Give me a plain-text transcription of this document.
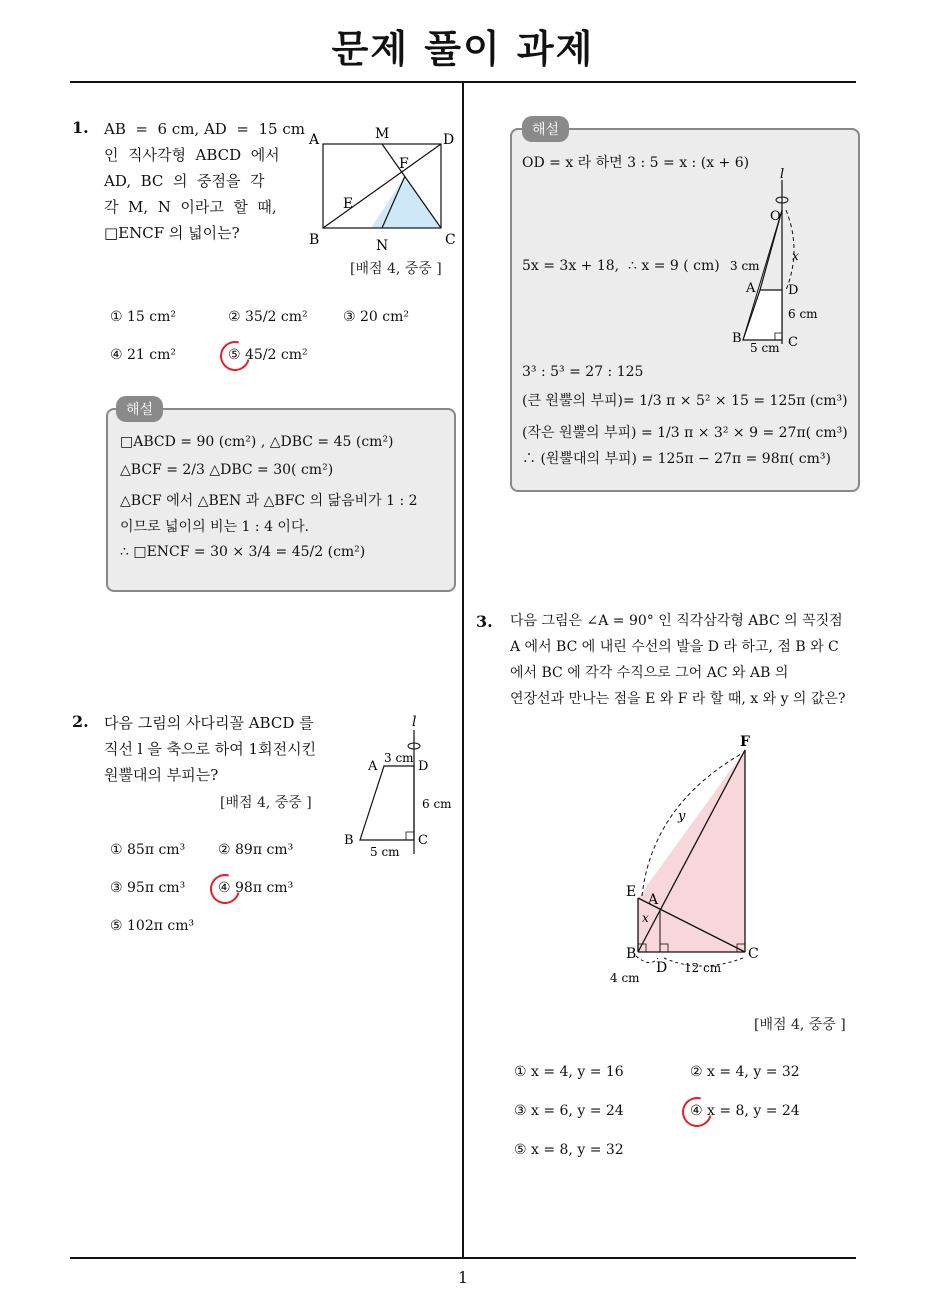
문제 풀이 과제
1. AB  =  6 cm, AD  =  15 cm
인  직사각형  ABCD  에서
AD,  BC  의  중점을  각
각  M,  N  이라고  할  때,
□ENCF 의 넓이는?
A	M	D
F
E
B	N	C
[배점 4, 중중 ]
① 15 cm²	② 35/2 cm²	③ 20 cm²
④ 21 cm²	⑤ 45/2 cm²
해설
□ABCD = 90 (cm²) , △DBC = 45 (cm²)
△BCF = 2/3 △DBC = 30( cm²)
△BCF 에서 △BEN 과 △BFC 의 닮음비가 1 : 2
이므로 넓이의 비는 1 : 4 이다.
∴ □ENCF = 30 × 3/4 = 45/2 (cm²)
2. 다음 그림의 사다리꼴 ABCD 를
직선 l 을 축으로 하여 1회전시킨
원뿔대의 부피는?
[배점 4, 중중 ]
l
A
3 cm
D
6 cm
B	C
5 cm
① 85π cm³ ② 89π cm³
③ 95π cm³ ④ 98π cm³
⑤ 102π cm³
해설
OD = x 라 하면 3 : 5 = x : (x + 6)
5x = 3x + 18,  ∴ x = 9 ( cm)
l
O
x
3 cm
A	D
6 cm
B
5 cm C
3³ : 5³ = 27 : 125
(큰 원뿔의 부피)= 1/3 π × 5² × 15 = 125π (cm³)
(작은 원뿔의 부피) = 1/3 π × 3² × 9 = 27π( cm³)
∴ (원뿔대의 부피) = 125π − 27π = 98π( cm³)
3. 다음 그림은 ∠A = 90° 인 직각삼각형 ABC 의 꼭짓점
A 에서 BC 에 내린 수선의 발을 D 라 하고, 점 B 와 C
에서 BC 에 각각 수직으로 그어 AC 와 AB 의
연장선과 만나는 점을 E 와 F 라 할 때, x 와 y 의 값은?
F
y
E A
x
B
D
C
4 cm
12 cm
[배점 4, 중중 ]
① x = 4, y = 16	② x = 4, y = 32
③ x = 6, y = 24	④ x = 8, y = 24
⑤ x = 8, y = 32
1
